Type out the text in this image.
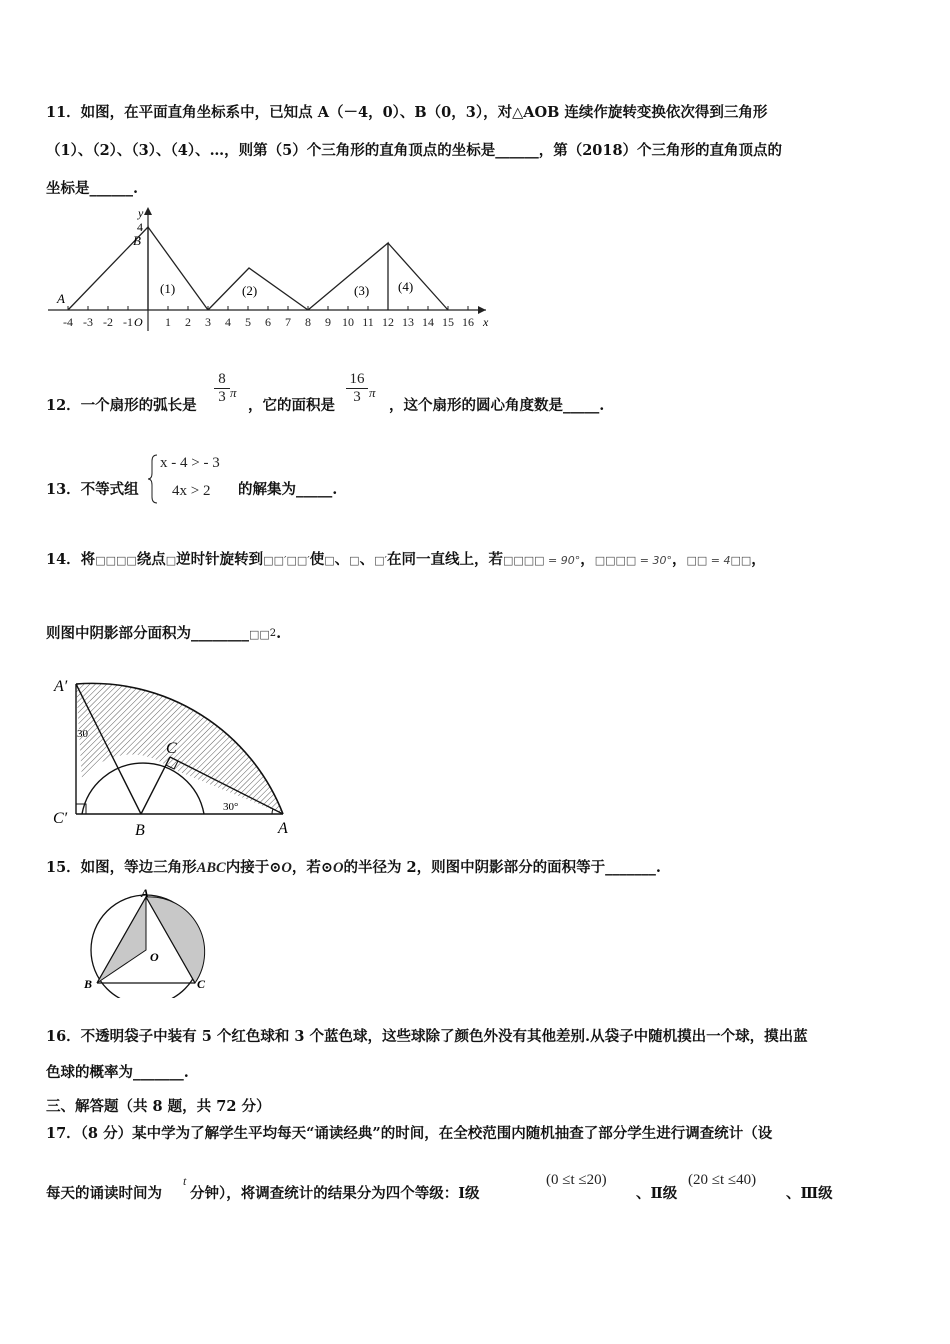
11．如图，在平面直角坐标系中，已知点 A（－4，0）、B（0，3），对△AOB 连续作旋转变换依次得到三角形
（1）、（2）、（3）、（4）、…，则第（5）个三角形的直角顶点的坐标是______，第（2018）个三角形的直角顶点的
坐标是______.
-4 -3 -2 -1	1 2 3 4 5 6 7 8 9 10 11 12 13 14 15 16
A
B
O
4
y
x
(1)	(2)	(3) (4)
12．一个扇形的弧长是 $\frac{8}{3}$ π
，它的面积是 $\frac{16}{3}$ π
，这个扇形的圆心角度数是_____.
13．不等式组
x - 4 > - 3
4x > 2 的解集为_____.
14．将□□□□绕点□逆时针旋转到□□′□□′使□、□、□′在同一直线上，若□□□□ = 90°，□□□□ = 30°，□□ = 4□□，
则图中阴影部分面积为________□□$^2$.
A′
C
C′
B	A
30
30°
15．如图，等边三角形ABC内接于⊙O，若⊙O的半径为 2，则图中阴影部分的面积等于_______.
A
O
B	C
16．不透明袋子中装有 5 个红色球和 3 个蓝色球，这些球除了颜色外没有其他差别.从袋子中随机摸出一个球，摸出蓝
色球的概率为_______.
三、解答题（共 8 题，共 72 分）
17．（8 分）某中学为了解学生平均每天“诵读经典”的时间，在全校范围内随机抽查了部分学生进行调查统计（设
每天的诵读时间为
t
分钟），将调查统计的结果分为四个等级：Ⅰ级
(0 ≤t ≤20)
、Ⅱ级
(20 ≤t ≤40)
、Ⅲ级
